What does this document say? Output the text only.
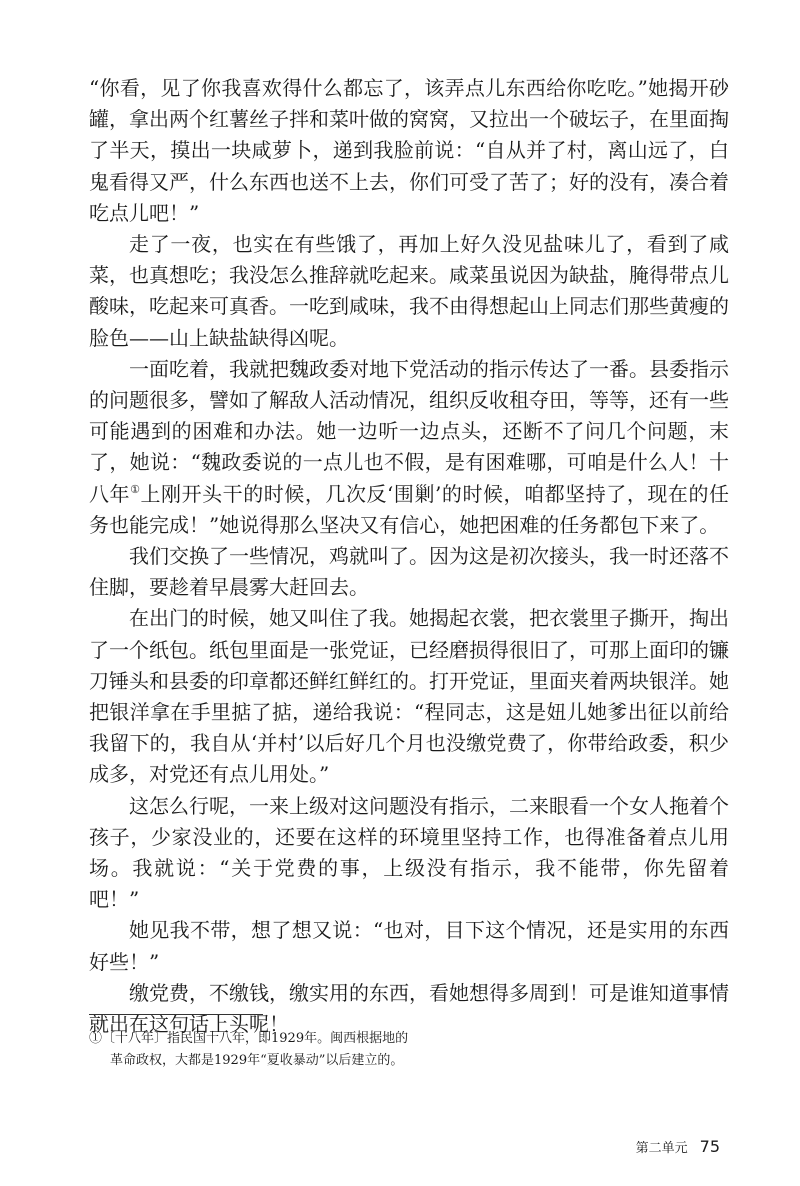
“你看，见了你我喜欢得什么都忘了，该弄点儿东西给你吃吃。”她揭开砂罐，拿出两个红薯丝子拌和菜叶做的窝窝，又拉出一个破坛子，在里面掏了半天，摸出一块咸萝卜，递到我脸前说：“自从并了村，离山远了，白鬼看得又严，什么东西也送不上去，你们可受了苦了；好的没有，凑合着吃点儿吧！”

走了一夜，也实在有些饿了，再加上好久没见盐味儿了，看到了咸菜，也真想吃；我没怎么推辞就吃起来。咸菜虽说因为缺盐，腌得带点儿酸味，吃起来可真香。一吃到咸味，我不由得想起山上同志们那些黄瘦的脸色——山上缺盐缺得凶呢。

一面吃着，我就把魏政委对地下党活动的指示传达了一番。县委指示的问题很多，譬如了解敌人活动情况，组织反收租夺田，等等，还有一些可能遇到的困难和办法。她一边听一边点头，还断不了问几个问题，末了，她说：“魏政委说的一点儿也不假，是有困难哪，可咱是什么人！十八年①上刚开头干的时候，几次反‘围剿’的时候，咱都坚持了，现在的任务也能完成！”她说得那么坚决又有信心，她把困难的任务都包下来了。

我们交换了一些情况，鸡就叫了。因为这是初次接头，我一时还落不住脚，要趁着早晨雾大赶回去。

在出门的时候，她又叫住了我。她揭起衣裳，把衣裳里子撕开，掏出了一个纸包。纸包里面是一张党证，已经磨损得很旧了，可那上面印的镰刀锤头和县委的印章都还鲜红鲜红的。打开党证，里面夹着两块银洋。她把银洋拿在手里掂了掂，递给我说：“程同志，这是妞儿她爹出征以前给我留下的，我自从‘并村’以后好几个月也没缴党费了，你带给政委，积少成多，对党还有点儿用处。”

这怎么行呢，一来上级对这问题没有指示，二来眼看一个女人拖着个孩子，少家没业的，还要在这样的环境里坚持工作，也得准备着点儿用场。我就说：“关于党费的事，上级没有指示，我不能带，你先留着吧！”

她见我不带，想了想又说：“也对，目下这个情况，还是实用的东西好些！”

缴党费，不缴钱，缴实用的东西，看她想得多周到！可是谁知道事情就出在这句话上头呢！

①〔十八年〕指民国十八年，即1929年。闽西根据地的
革命政权，大都是1929年“夏收暴动”以后建立的。
第二单元 75
